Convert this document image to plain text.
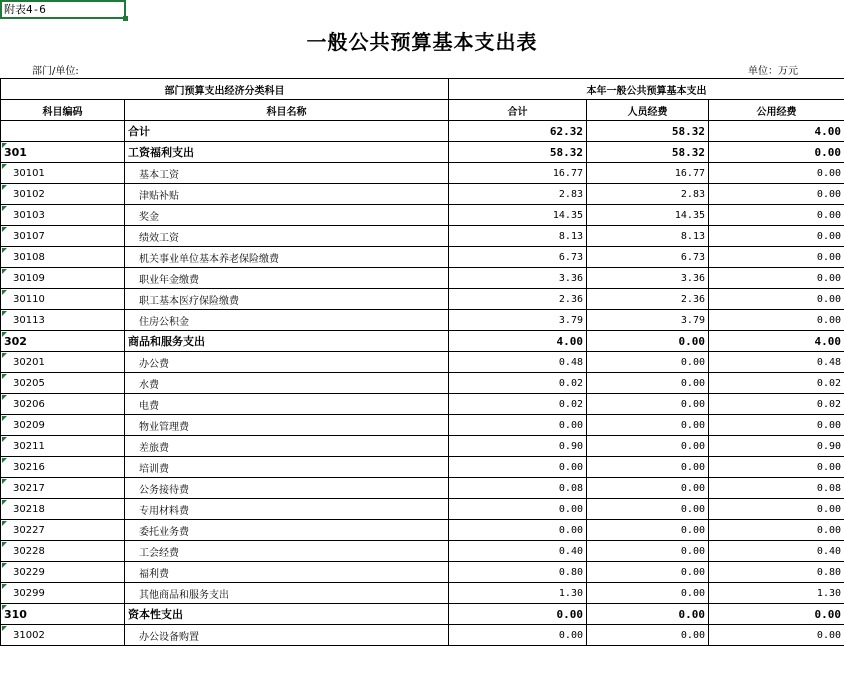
附表4-6
一般公共预算基本支出表
部门/单位:	单位：万元
部门预算支出经济分类科目		本年一般公共预算基本支出		
科目编码	科目名称	合计	人员经费	公用经费
	合计	62.32	58.32	4.00

301	工资福利支出	58.32	58.32	0.00

30101	基本工资	16.77	16.77	0.00

30102	津贴补贴	2.83	2.83	0.00

30103	奖金	14.35	14.35	0.00

30107	绩效工资	8.13	8.13	0.00

30108	机关事业单位基本养老保险缴费	6.73	6.73	0.00

30109	职业年金缴费	3.36	3.36	0.00

30110	职工基本医疗保险缴费	2.36	2.36	0.00

30113	住房公积金	3.79	3.79	0.00

302	商品和服务支出	4.00	0.00	4.00

30201	办公费	0.48	0.00	0.48

30205	水费	0.02	0.00	0.02

30206	电费	0.02	0.00	0.02

30209	物业管理费	0.00	0.00	0.00

30211	差旅费	0.90	0.00	0.90

30216	培训费	0.00	0.00	0.00

30217	公务接待费	0.08	0.00	0.08

30218	专用材料费	0.00	0.00	0.00

30227	委托业务费	0.00	0.00	0.00

30228	工会经费	0.40	0.00	0.40

30229	福利费	0.80	0.00	0.80

30299	其他商品和服务支出	1.30	0.00	1.30

310	资本性支出	0.00	0.00	0.00

31002	办公设备购置	0.00	0.00	0.00
